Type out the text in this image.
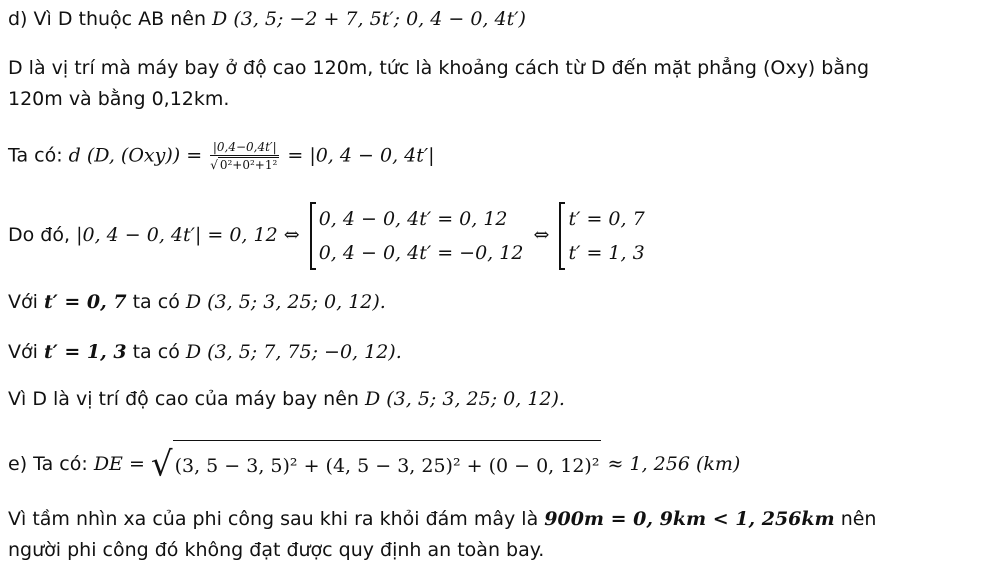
d) Vì D thuộc AB nên D (3, 5; −2 + 7, 5t′; 0, 4 − 0, 4t′)
D là vị trí mà máy bay ở độ cao 120m, tức là khoảng cách từ D đến mặt phẳng (Oxy) bằng
120m và bằng 0,12km.
Ta có: d (D, $(Oxy)) = \frac{|0,4-0,4t'|}{\text{√ 0²+0²+1²}} = |0$, 4 − 0, 4t′|
Do đó, |0, 4 − 0, 4t′| = 0, 12 ⇔
0, 4 − 0, 4t′ = 0, 12
0, 4 − 0, 4t′ = −0, 12
⇔
t′ = 0, 7
t′ = 1, 3
Với t′ = 0, 7 ta có D (3, 5; 3, 25; 0, 12).
Với t′ = 1, 3 ta có D (3, 5; 7, 75; −0, 12).
Vì D là vị trí độ cao của máy bay nên D (3, 5; 3, 25; 0, 12).
e) Ta có: DE = √ (3, 5 − 3, 5)² + (4, 5 − 3, 25)² + (0 − 0, 12)² ≈ 1, 256 (km)
Vì tầm nhìn xa của phi công sau khi ra khỏi đám mây là 900m = 0, 9km < 1, 256km nên
người phi công đó không đạt được quy định an toàn bay.
